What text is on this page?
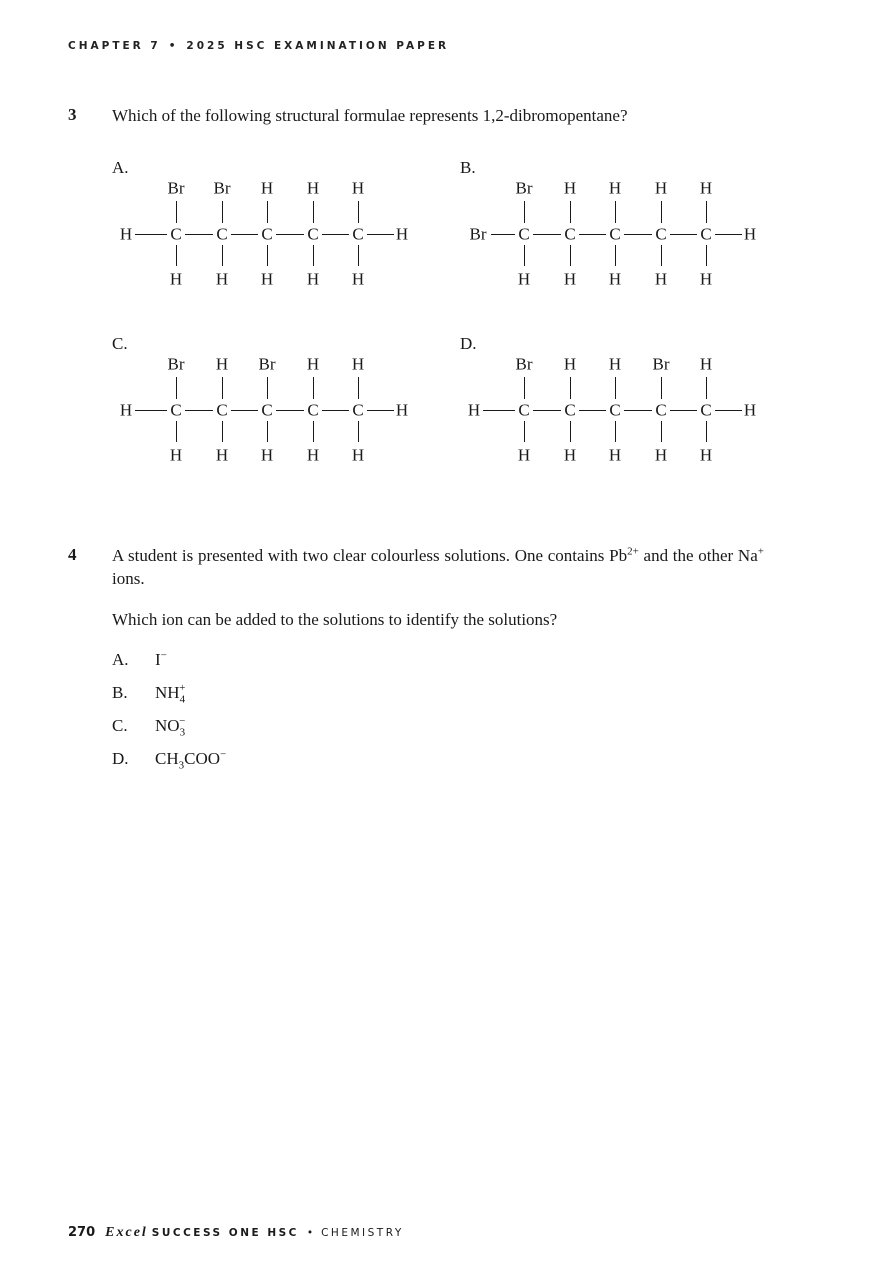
CHAPTER 7 • 2025 HSC EXAMINATION PAPER
3 Which of the following structural formulae represents 1,2-dibromopentane?
A.
H	H
C
Br
H
C
Br
H
C
H
H
C
H
H
C
H
H
B.
Br	H
C
Br
H
C
H
H
C
H
H
C
H
H
C
H
H
C.
H	H
C
Br
H
C
H
H
C
Br
H
C
H
H
C
H
H
D.
H	H
C
Br
H
C
H
H
C
H
H
C
Br
H
C
H
H
4 A student is presented with two clear colourless solutions. One contains $Pb^{2+}$ and the other Na+ ions.
Which ion can be added to the solutions to identify the solutions?
A. I−
B. $NH_4^+$
C. $NO_3^-$
D. $CH_3COO^-$
270 Excel SUCCESS ONE HSC • CHEMISTRY
